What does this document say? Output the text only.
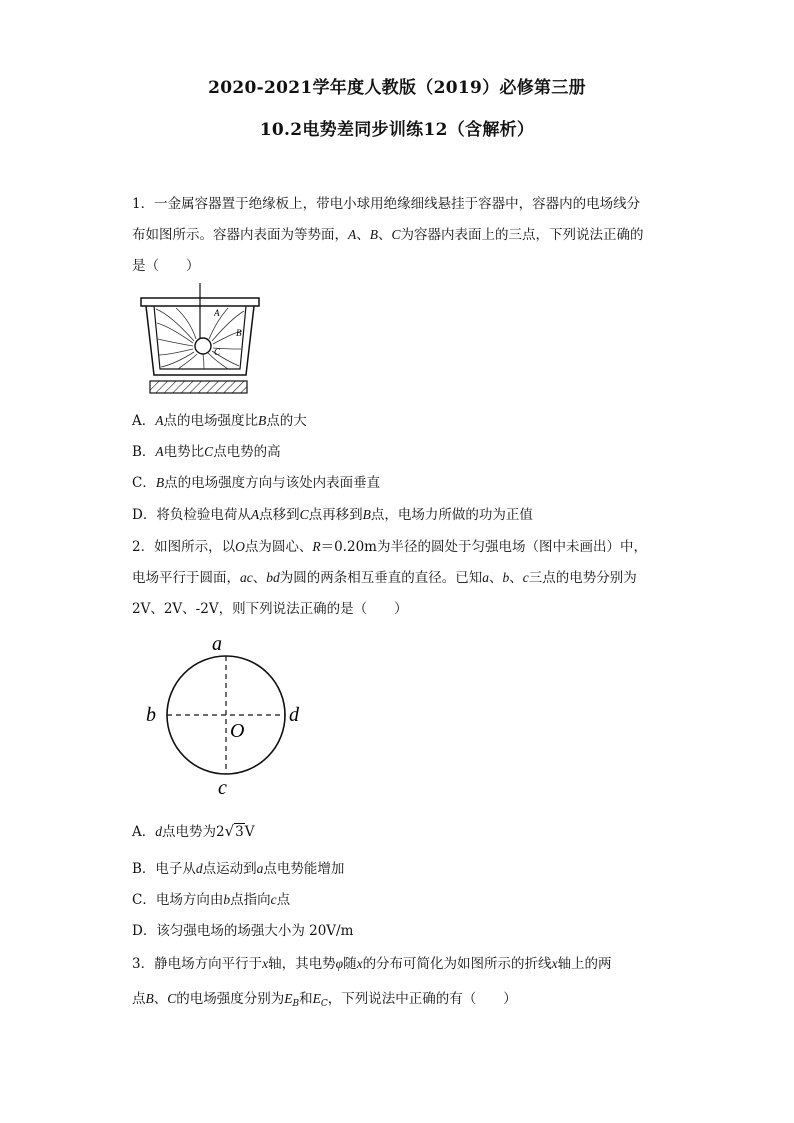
2020-2021学年度人教版（2019）必修第三册
10.2电势差同步训练12（含解析）
1．一金属容器置于绝缘板上，带电小球用绝缘细线悬挂于容器中，容器内的电场线分
布如图所示。容器内表面为等势面，A、B、C为容器内表面上的三点，下列说法正确的
是（　　）
A
B
C
A．A点的电场强度比B点的大
B．A电势比C点电势的高
C．B点的电场强度方向与该处内表面垂直
D．将负检验电荷从A点移到C点再移到B点，电场力所做的功为正值
2．如图所示，以O点为圆心、R＝0.20m为半径的圆处于匀强电场（图中未画出）中，
电场平行于圆面，ac、bd为圆的两条相互垂直的直径。已知a、b、c三点的电势分别为
2V、2V、-2V，则下列说法正确的是（　　）
a
b	d
c
O
A．d点电势为2√3V
B．电子从d点运动到a点电势能增加
C．电场方向由b点指向c点
D．该匀强电场的场强大小为 20V/m
3．静电场方向平行于x轴，其电势φ随x的分布可简化为如图所示的折线x轴上的两
点B、C的电场强度分别为$E_B$和$E_C$，下列说法中正确的有（　　）
